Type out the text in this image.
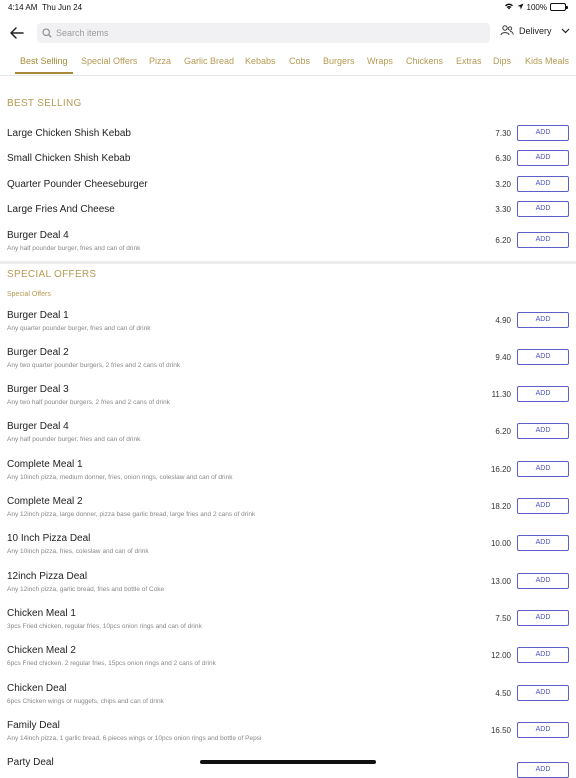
4:14 AM Thu Jun 24	100%
Search items
Delivery
Best Selling Special Offers Pizza Garlic Bread Kebabs Cobs Burgers Wraps Chickens Extras Dips Kids Meals
BEST SELLING
Large Chicken Shish Kebab	7.30	ADD
Small Chicken Shish Kebab	6.30	ADD
Quarter Pounder Cheeseburger	3.20	ADD
Large Fries And Cheese	3.30	ADD
Burger Deal 4
Any half pounder burger, fries and can of drink
6.20	ADD
SPECIAL OFFERS
Special Offers
Burger Deal 1
Any quarter pounder burger, fries and can of drink
4.90	ADD
Burger Deal 2
Any two quarter pounder burgers, 2 fries and 2 cans of drink
9.40	ADD
Burger Deal 3
Any two half pounder burgers, 2 fries and 2 cans of drink
11.30	ADD
Burger Deal 4
Any half pounder burger, fries and can of drink
6.20	ADD
Complete Meal 1
Any 10inch pizza, medium donner, fries, onion rings, coleslaw and can of drink
16.20	ADD
Complete Meal 2
Any 12inch pizza, large donner, pizza base garlic bread, large fries and 2 cans of drink
18.20	ADD
10 Inch Pizza Deal
Any 10inch pizza, fries, coleslaw and can of drink
10.00	ADD
12inch Pizza Deal
Any 12inch pizza, garlic bread, fries and bottle of Coke
13.00	ADD
Chicken Meal 1
3pcs Fried chicken, regular fries, 10pcs onion rings and can of drink
7.50	ADD
Chicken Meal 2
6pcs Fried chicken, 2 regular fries, 15pcs onion rings and 2 cans of drink
12.00	ADD
Chicken Deal
6pcs Chicken wings or nuggets, chips and can of drink
4.50	ADD
Family Deal
Any 14inch pizza, 1 garlic bread, 6 pieces wings or 10pcs onion rings and bottle of Pepsi
16.50	ADD
Party Deal
ADD
